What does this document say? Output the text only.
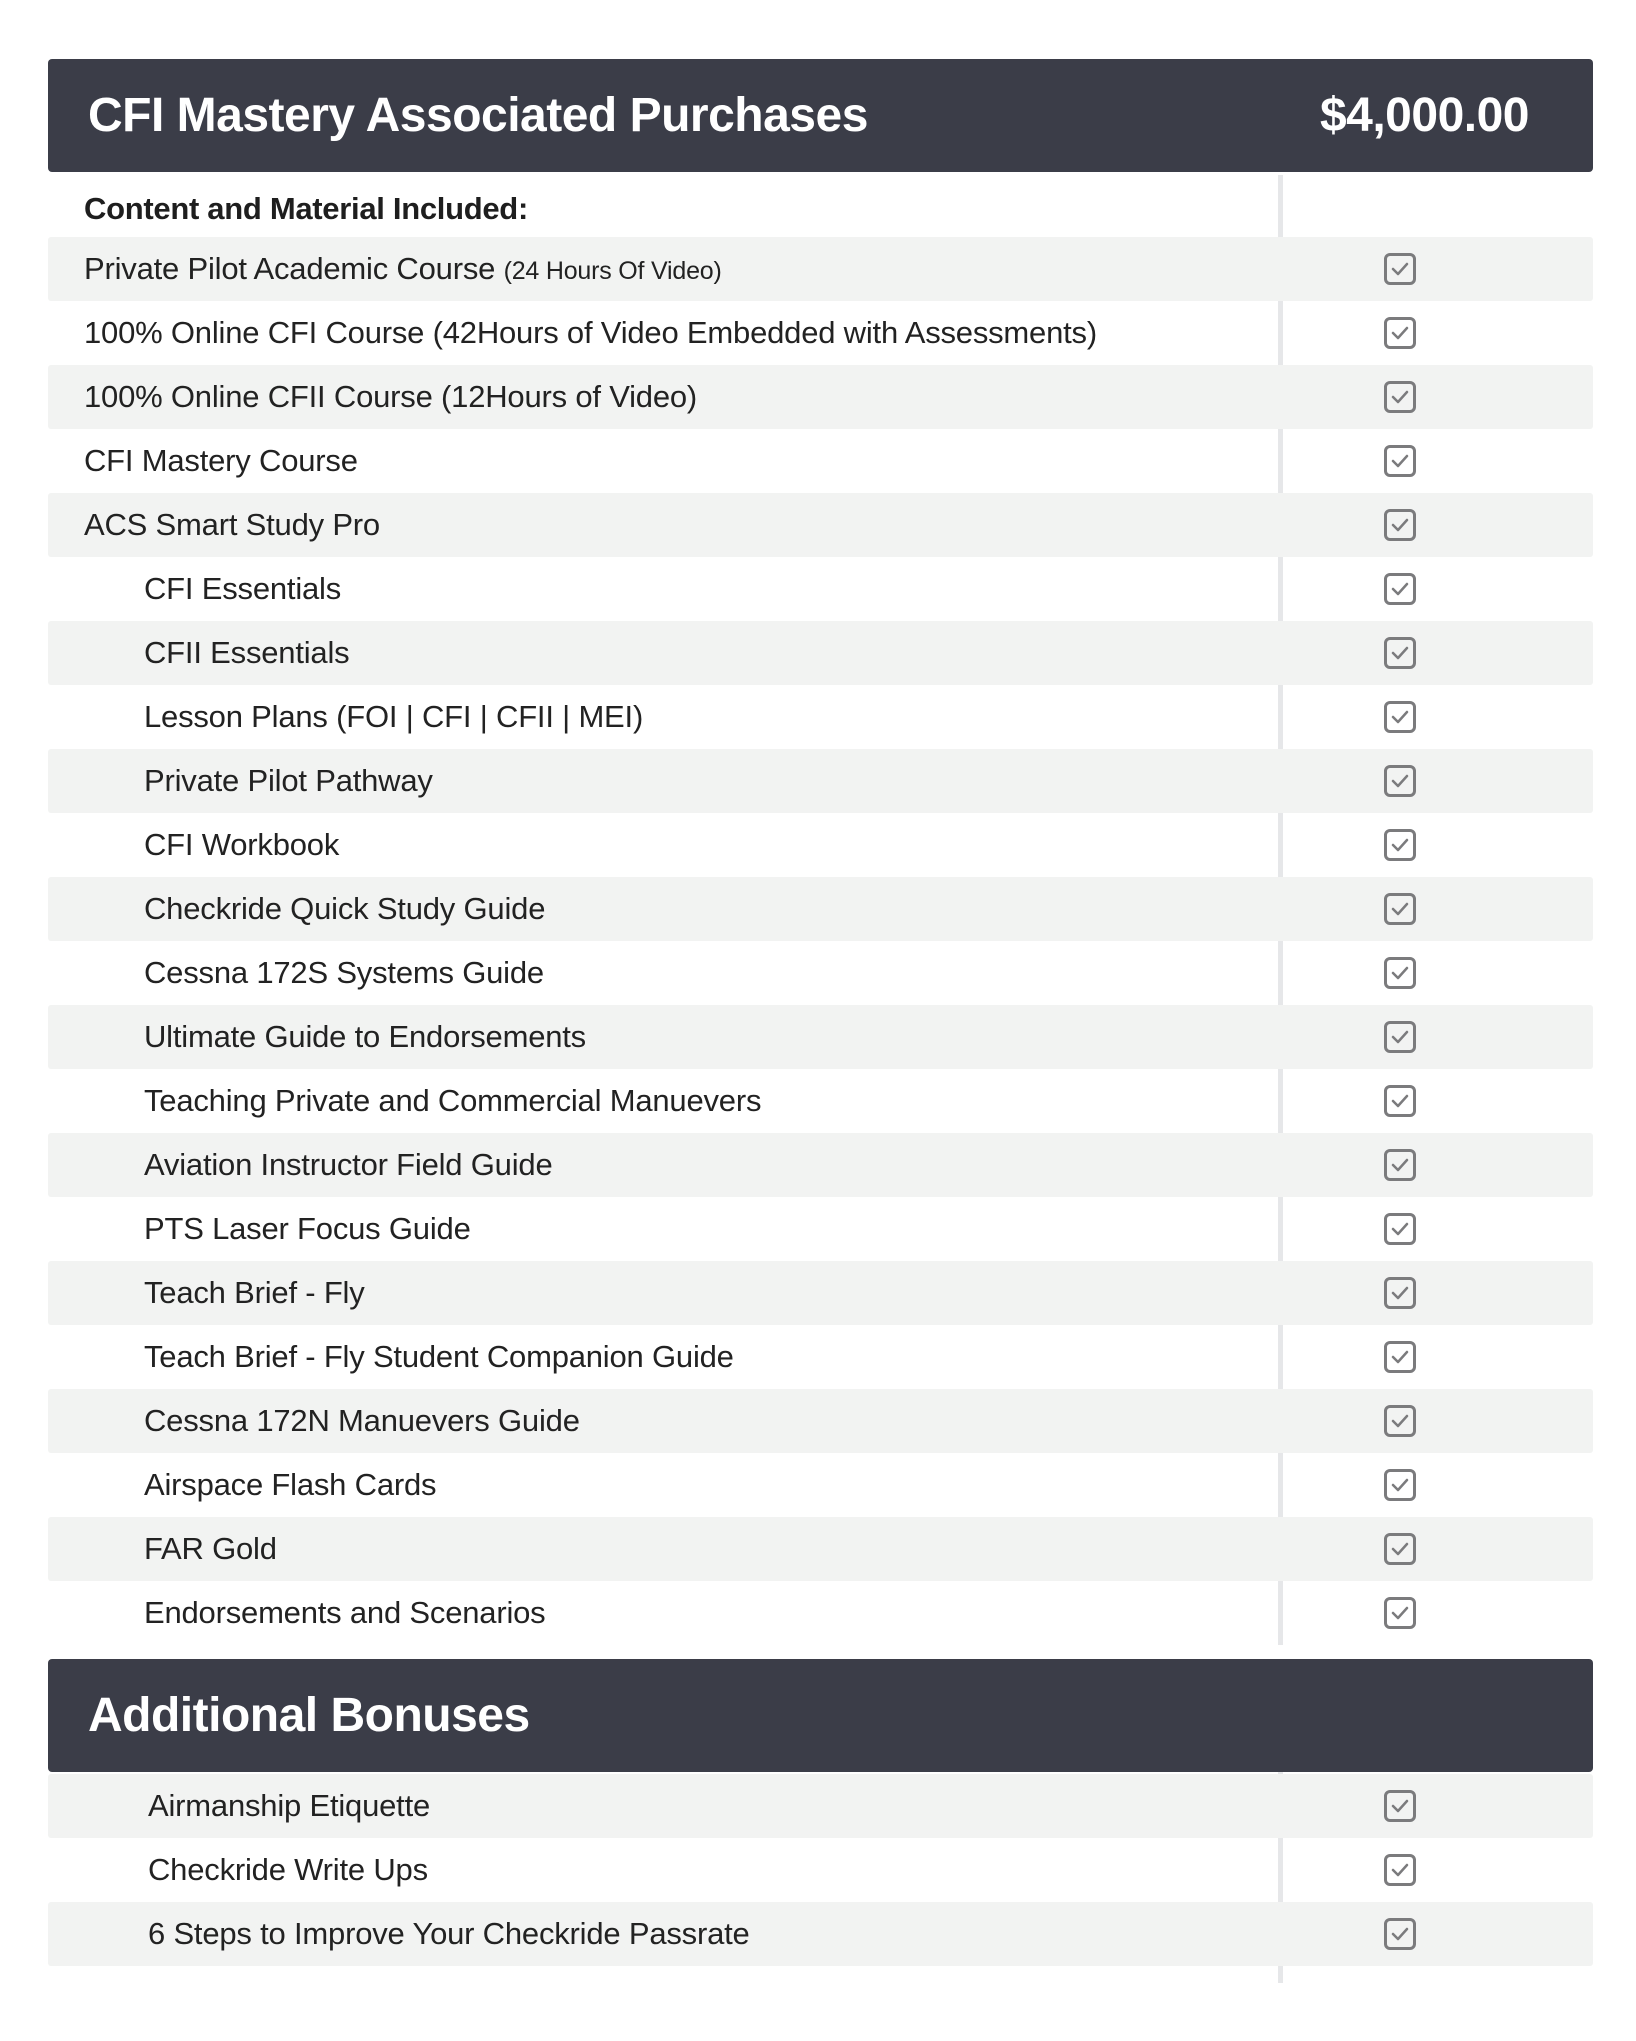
CFI Mastery Associated Purchases	$4,000.00
Content and Material Included:
Private Pilot Academic Course (24 Hours Of Video)
100% Online CFI Course (42Hours of Video Embedded with Assessments)
100% Online CFII Course (12Hours of Video)
CFI Mastery Course
ACS Smart Study Pro
CFI Essentials
CFII Essentials
Lesson Plans (FOI | CFI | CFII | MEI)
Private Pilot Pathway
CFI Workbook
Checkride Quick Study Guide
Cessna 172S Systems Guide
Ultimate Guide to Endorsements
Teaching Private and Commercial Manuevers
Aviation Instructor Field Guide
PTS Laser Focus Guide
Teach Brief - Fly
Teach Brief - Fly Student Companion Guide
Cessna 172N Manuevers Guide
Airspace Flash Cards
FAR Gold
Endorsements and Scenarios
Additional Bonuses
Airmanship Etiquette
Checkride Write Ups
6 Steps to Improve Your Checkride Passrate
